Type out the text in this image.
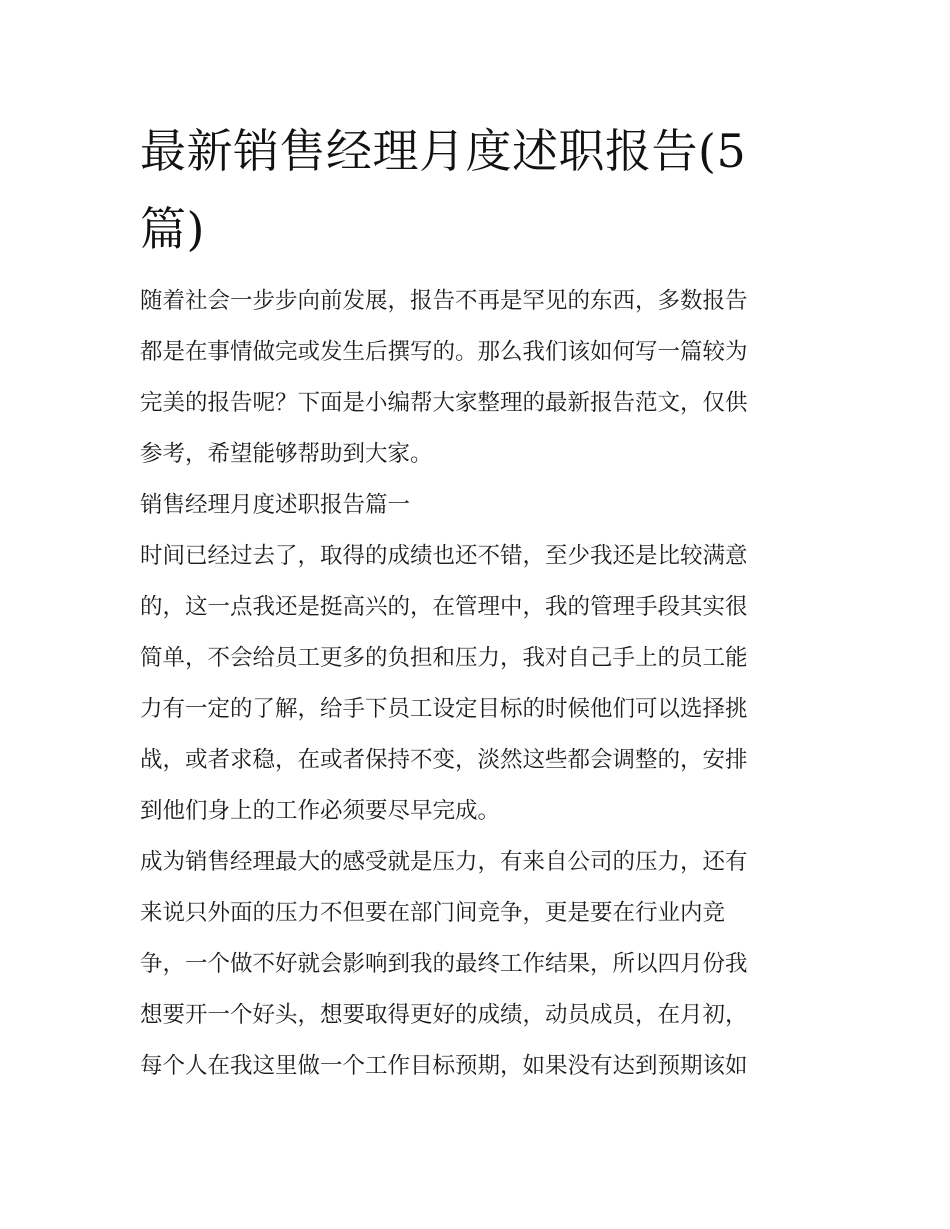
最新销售经理月度述职报告(5
篇)
随着社会一步步向前发展，报告不再是罕见的东西，多数报告
都是在事情做完或发生后撰写的。那么我们该如何写一篇较为
完美的报告呢？下面是小编帮大家整理的最新报告范文，仅供
参考，希望能够帮助到大家。
销售经理月度述职报告篇一
时间已经过去了，取得的成绩也还不错，至少我还是比较满意
的，这一点我还是挺高兴的，在管理中，我的管理手段其实很
简单，不会给员工更多的负担和压力，我对自己手上的员工能
力有一定的了解，给手下员工设定目标的时候他们可以选择挑
战，或者求稳，在或者保持不变，淡然这些都会调整的，安排
到他们身上的工作必须要尽早完成。
成为销售经理最大的感受就是压力，有来自公司的压力，还有
来说只外面的压力不但要在部门间竞争，更是要在行业内竞
争，一个做不好就会影响到我的最终工作结果，所以四月份我
想要开一个好头，想要取得更好的成绩，动员成员，在月初，
每个人在我这里做一个工作目标预期，如果没有达到预期该如
